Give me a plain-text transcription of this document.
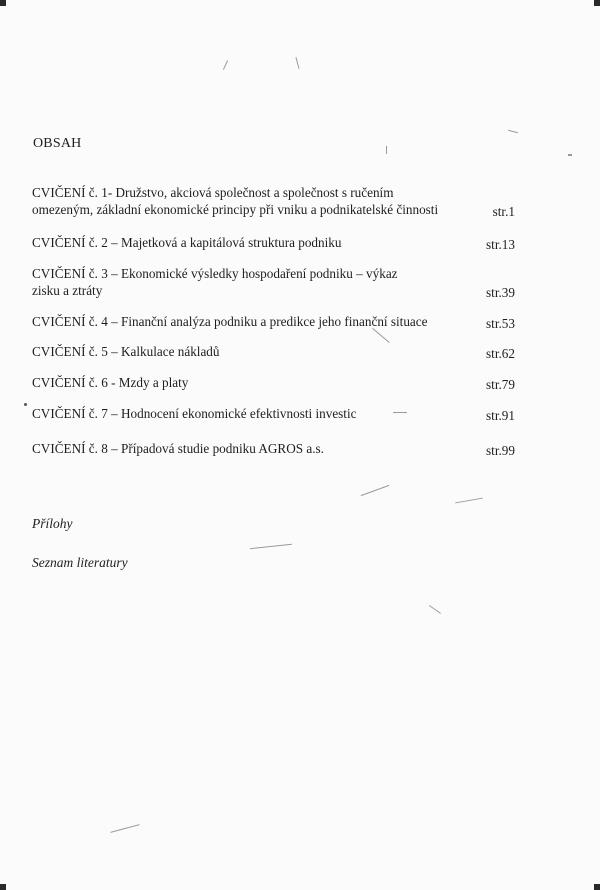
OBSAH
CVIČENÍ č. 1- Družstvo, akciová společnost a společnost s ručením
omezeným, základní ekonomické principy při vniku a podnikatelské činnosti	str.1
CVIČENÍ č. 2 – Majetková a kapitálová struktura podniku	str.13
CVIČENÍ č. 3 – Ekonomické výsledky hospodaření podniku – výkaz
zisku a ztráty	str.39
CVIČENÍ č. 4 – Finanční analýza podniku a predikce jeho finanční situace	str.53
CVIČENÍ č. 5 – Kalkulace nákladů	str.62
CVIČENÍ č. 6 - Mzdy a platy	str.79
CVIČENÍ č. 7 – Hodnocení ekonomické efektivnosti investic	str.91
CVIČENÍ č. 8 – Případová studie podniku AGROS a.s.	str.99
Přílohy
Seznam literatury
